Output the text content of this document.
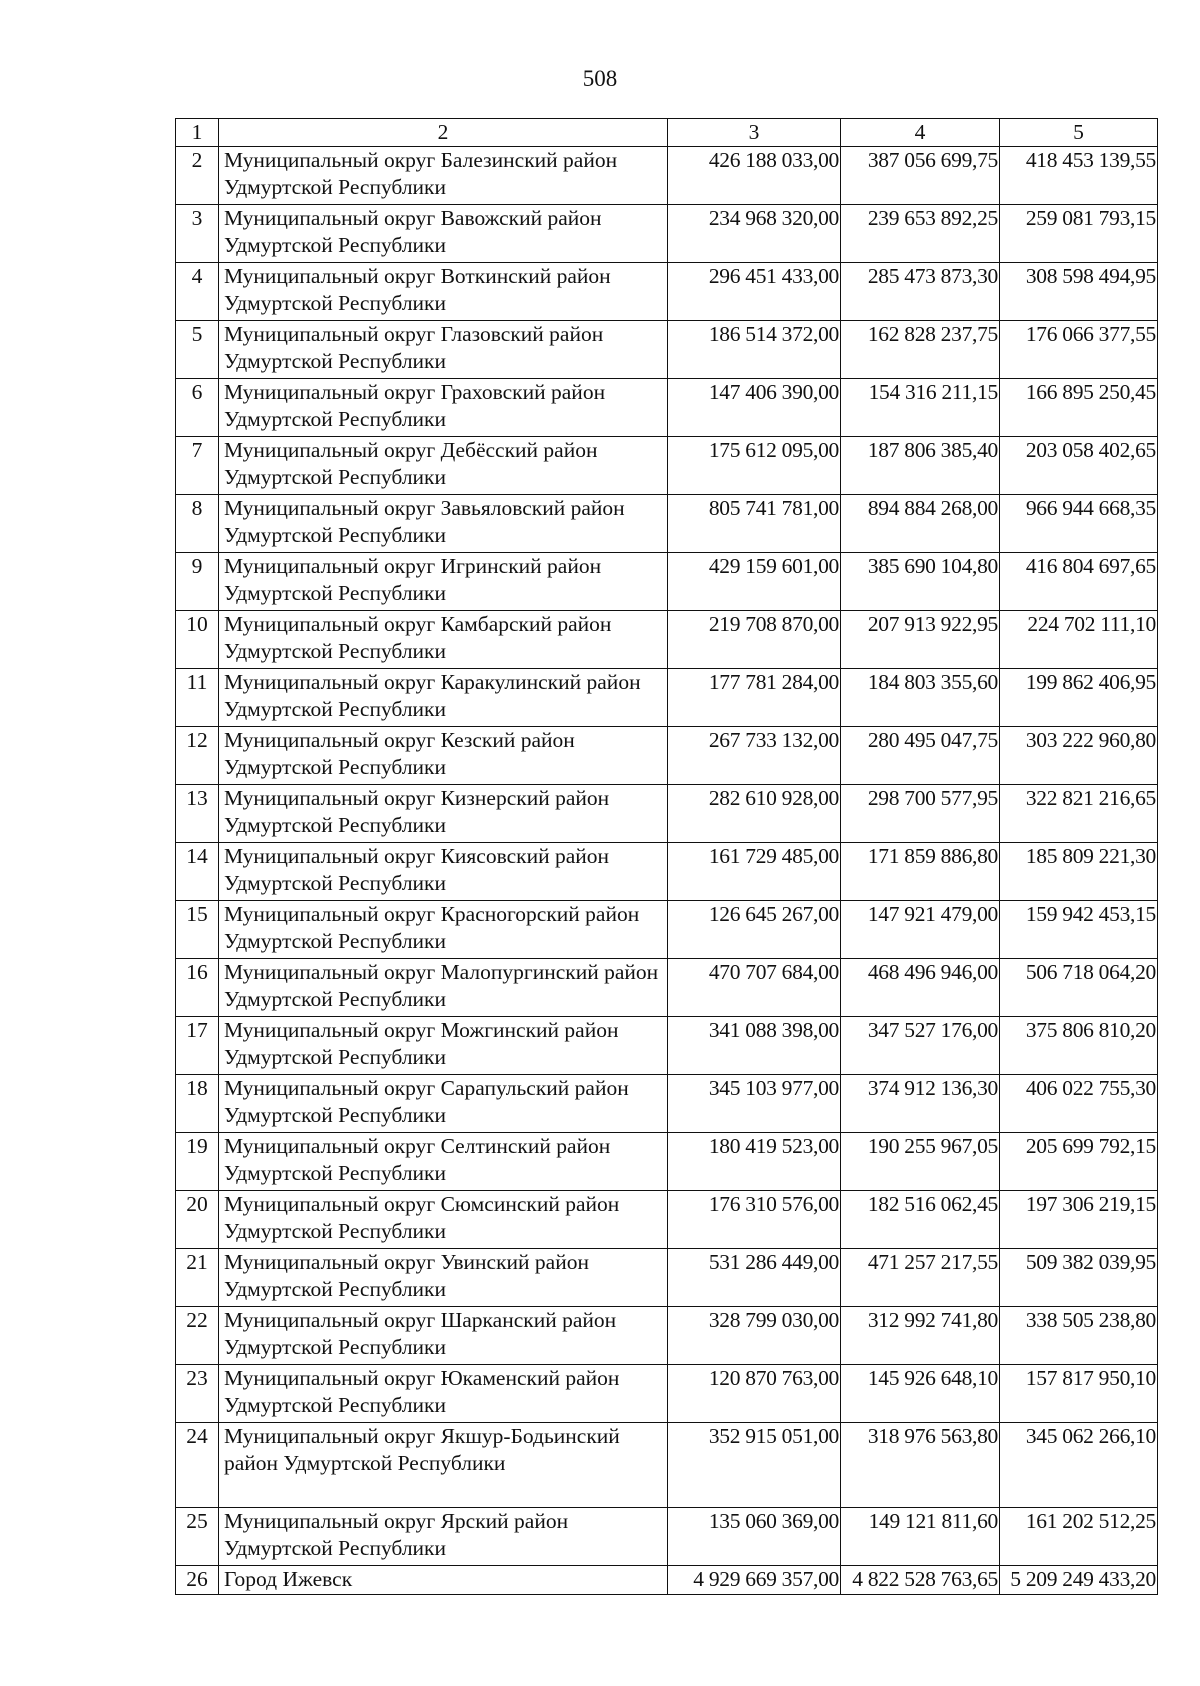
508
1	2	3	4	5
2	Муниципальный округ Балезинский район Удмуртской Республики	426 188 033,00	387 056 699,75	418 453 139,55
3	Муниципальный округ Вавожский район Удмуртской Республики	234 968 320,00	239 653 892,25	259 081 793,15
4	Муниципальный округ Воткинский район Удмуртской Республики	296 451 433,00	285 473 873,30	308 598 494,95
5	Муниципальный округ Глазовский район Удмуртской Республики	186 514 372,00	162 828 237,75	176 066 377,55
6	Муниципальный округ Граховский район Удмуртской Республики	147 406 390,00	154 316 211,15	166 895 250,45
7	Муниципальный округ Дебёсский район Удмуртской Республики	175 612 095,00	187 806 385,40	203 058 402,65
8	Муниципальный округ Завьяловский район Удмуртской Республики	805 741 781,00	894 884 268,00	966 944 668,35
9	Муниципальный округ Игринский район Удмуртской Республики	429 159 601,00	385 690 104,80	416 804 697,65
10	Муниципальный округ Камбарский район Удмуртской Республики	219 708 870,00	207 913 922,95	224 702 111,10
11	Муниципальный округ Каракулинский район Удмуртской Республики	177 781 284,00	184 803 355,60	199 862 406,95
12	Муниципальный округ Кезский район Удмуртской Республики	267 733 132,00	280 495 047,75	303 222 960,80
13	Муниципальный округ Кизнерский район Удмуртской Республики	282 610 928,00	298 700 577,95	322 821 216,65
14	Муниципальный округ Киясовский район Удмуртской Республики	161 729 485,00	171 859 886,80	185 809 221,30
15	Муниципальный округ Красногорский район Удмуртской Республики	126 645 267,00	147 921 479,00	159 942 453,15
16	Муниципальный округ Малопургинский район Удмуртской Республики	470 707 684,00	468 496 946,00	506 718 064,20
17	Муниципальный округ Можгинский район Удмуртской Республики	341 088 398,00	347 527 176,00	375 806 810,20
18	Муниципальный округ Сарапульский район Удмуртской Республики	345 103 977,00	374 912 136,30	406 022 755,30
19	Муниципальный округ Селтинский район Удмуртской Республики	180 419 523,00	190 255 967,05	205 699 792,15
20	Муниципальный округ Сюмсинский район Удмуртской Республики	176 310 576,00	182 516 062,45	197 306 219,15
21	Муниципальный округ Увинский район Удмуртской Республики	531 286 449,00	471 257 217,55	509 382 039,95
22	Муниципальный округ Шарканский район Удмуртской Республики	328 799 030,00	312 992 741,80	338 505 238,80
23	Муниципальный округ Юкаменский район Удмуртской Республики	120 870 763,00	145 926 648,10	157 817 950,10
24	Муниципальный округ Якшур-Бодьинский район Удмуртской Республики	352 915 051,00	318 976 563,80	345 062 266,10
25	Муниципальный округ Ярский район Удмуртской Республики	135 060 369,00	149 121 811,60	161 202 512,25
26	Город Ижевск	4 929 669 357,00	4 822 528 763,65	5 209 249 433,20
